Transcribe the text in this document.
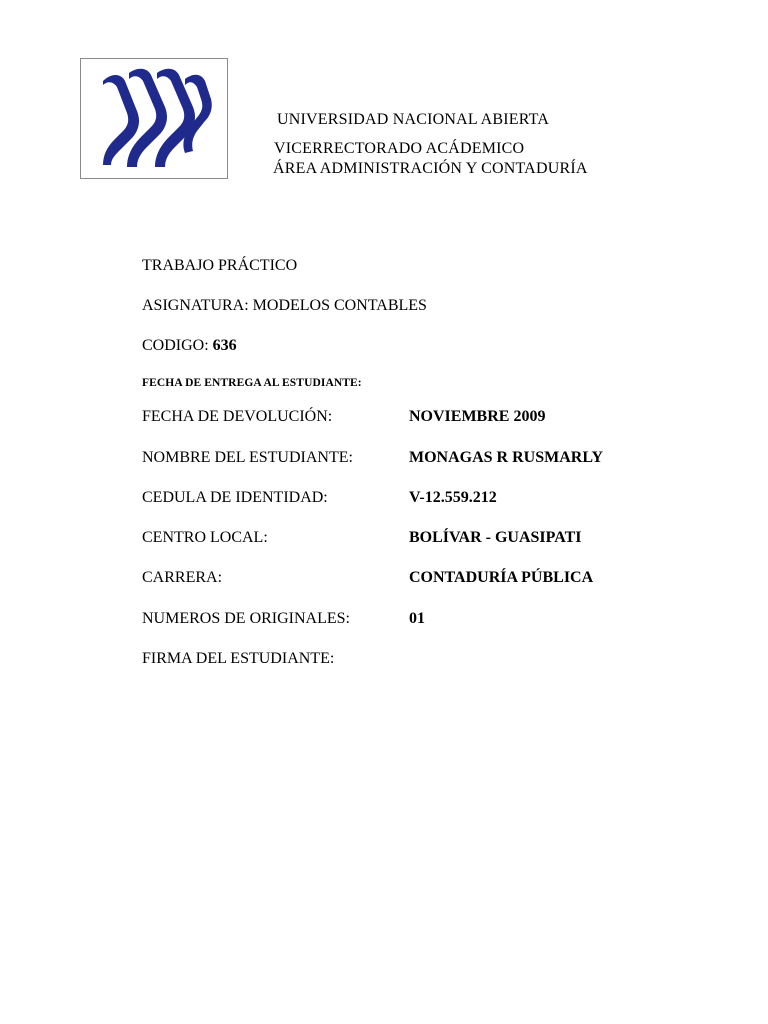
UNIVERSIDAD NACIONAL ABIERTA
VICERRECTORADO ACÁDEMICO
ÁREA ADMINISTRACIÓN Y CONTADURÍA
TRABAJO PRÁCTICO
ASIGNATURA: MODELOS CONTABLES
CODIGO: 636
FECHA DE ENTREGA AL ESTUDIANTE:
FECHA DE DEVOLUCIÓN:	NOVIEMBRE 2009
NOMBRE DEL ESTUDIANTE:	MONAGAS R RUSMARLY
CEDULA DE IDENTIDAD:	V-12.559.212
CENTRO LOCAL:	BOLÍVAR - GUASIPATI
CARRERA:	CONTADURÍA PÚBLICA
NUMEROS DE ORIGINALES:	01
FIRMA DEL ESTUDIANTE:
